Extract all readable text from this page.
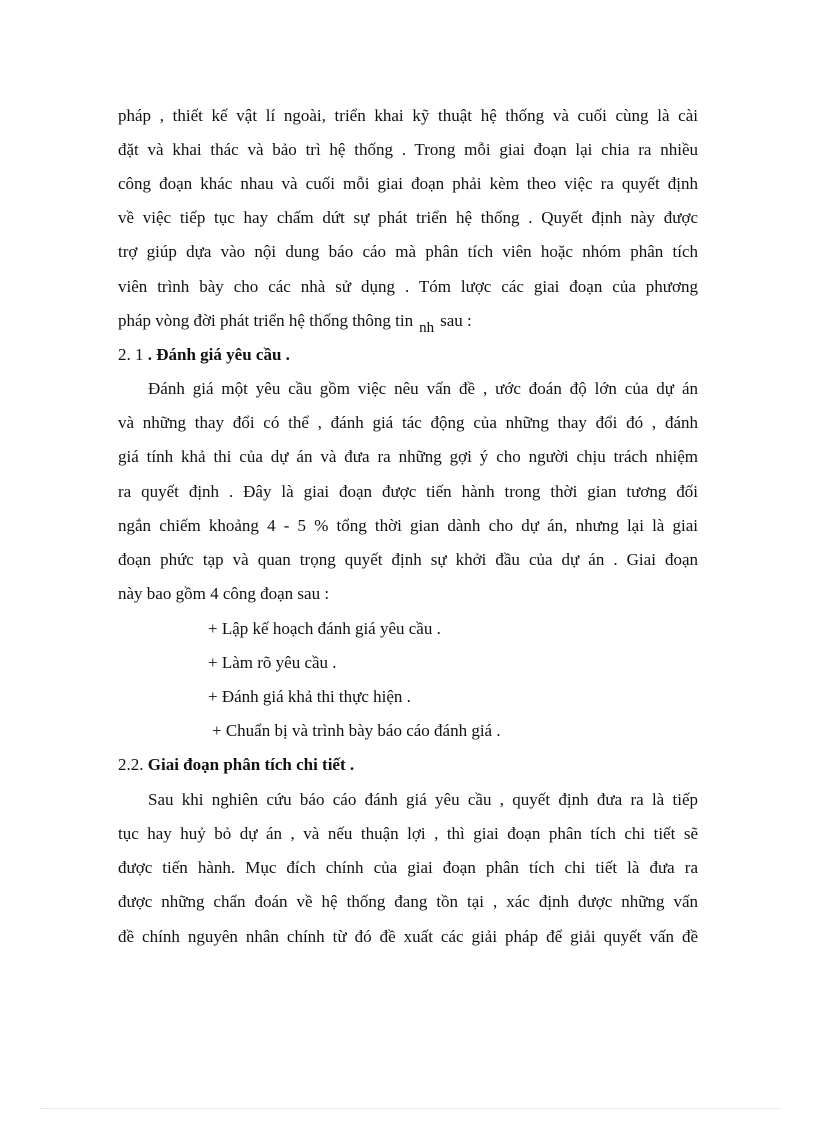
pháp , thiết kế vật lí ngoài, triển khai kỹ thuật hệ thống và cuối cùng là cài
đặt và khai thác và bảo trì hệ thống . Trong mỗi giai đoạn lại chia ra nhiều
công đoạn khác nhau và cuối mỗi giai đoạn phải kèm theo việc ra quyết định
về việc tiếp tục hay chấm dứt sự phát triển hệ thống . Quyết định này được
trợ giúp dựa vào nội dung báo cáo mà phân tích viên hoặc nhóm phân tích
viên trình bày cho các nhà sử dụng . Tóm lược các giai đoạn của phương
pháp vòng đời phát triển hệ thống thông tin nh sau :
2. 1 . Đánh giá yêu cầu .
Đánh giá một yêu cầu gồm việc nêu vấn đề , ước đoán độ lớn của dự án
và những thay đổi có thể , đánh giá tác động của những thay đổi đó , đánh
giá tính khả thi của dự án và đưa ra những gợi ý cho người chịu trách nhiệm
ra quyết định . Đây là giai đoạn được tiến hành trong thời gian tương đối
ngắn chiếm khoảng 4 - 5 % tổng thời gian dành cho dự án, nhưng lại là giai
đoạn phức tạp và quan trọng quyết định sự khởi đầu của dự án . Giai đoạn
này bao gồm 4 công đoạn sau :
+ Lập kế hoạch đánh giá yêu cầu .
+ Làm rõ yêu cầu .
+ Đánh giá khả thi thực hiện .
+ Chuẩn bị và trình bày báo cáo đánh giá .
2.2. Giai đoạn phân tích chi tiết .
Sau khi nghiên cứu báo cáo đánh giá yêu cầu , quyết định đưa ra là tiếp
tục hay huỷ bỏ dự án , và nếu thuận lợi , thì giai đoạn phân tích chi tiết sẽ
được tiến hành. Mục đích chính của giai đoạn phân tích chi tiết là đưa ra
được những chẩn đoán về hệ thống đang tồn tại , xác định được những vấn
đề chính nguyên nhân chính từ đó đề xuất các giải pháp để giải quyết vấn đề
